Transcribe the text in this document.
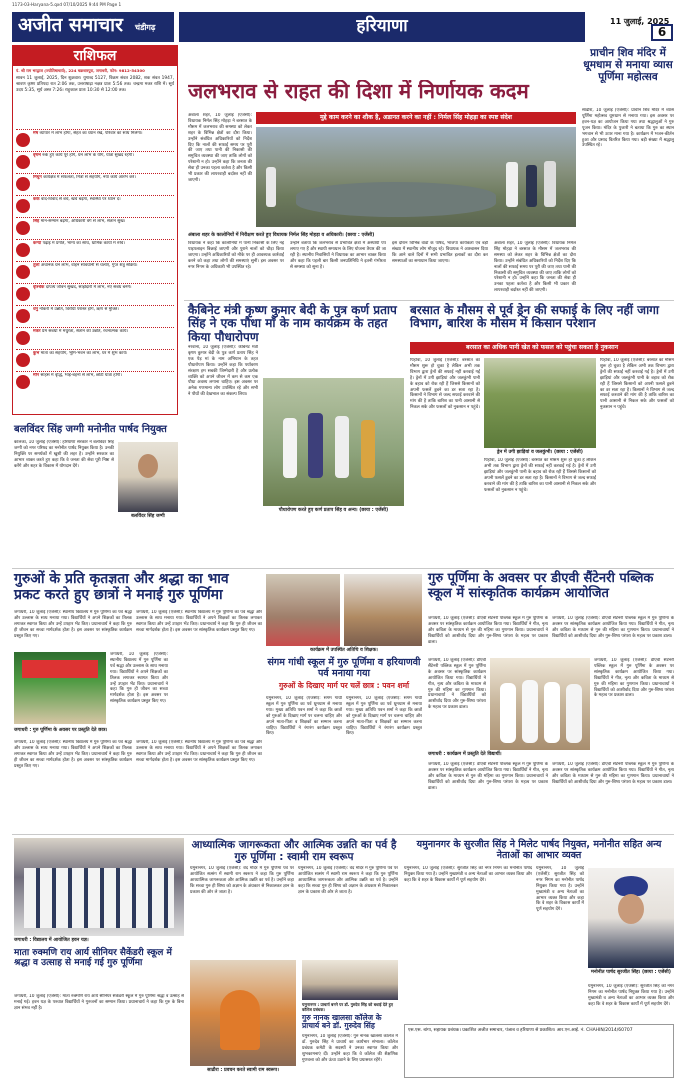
1173-03-Haryana-5.qxd 07/10/2025 9:44 PM Page 1
अजीत समाचार चंडीगढ़	हरियाणा	11 जुलाई, 2025
6
राशिफल
पं. श्री राम भरद्वाज (ज्योतिषाचार्य), 224 चक्रधारपुरा, जगाधरी, फोन: 9812-54300
सावन 11 जुलाई, 2025, दिन शुक्रवार। युगाब्द 5127, विक्रम संवत 2082, शक संवत 1947, श्रावण कृष्ण प्रतिपदा रात 2:06 तक, उत्तराषाढ़ा नक्षत्र प्रातः 5:56 तक। चन्द्रमा मकर राशि में। सूर्य उदय 5:35, सूर्य अस्त 7:26। राहुकाल प्रातः 10:30 से 12:00 तक।
मेष व्यापार में लाभ होगा, सेहत का ध्यान रखें, परिवार का साथ मिलेगा।
वृषभ रुके हुए कार्य पूरे होंगे, धन लाभ के योग, यात्रा सुखद रहेगी।
मिथुन कार्यक्षेत्र में सफलता, मित्रों से सहयोग, नया कार्य आरंभ करें।
कर्क वाद-विवाद से बचें, खर्च बढ़ेगा, स्वास्थ्य पर ध्यान दें।
सिंह मान-सम्मान बढ़ेगा, अधिकारी वर्ग से लाभ, संतान सुख।
कन्या पढ़ाई में प्रगति, भाग्य का साथ, धार्मिक कार्यों में रुचि।
तुला अचानक धन लाभ, वाहन सावधानी से चलाएं, गुप्त शत्रु सक्रिय।
वृश्चिक दांपत्य जीवन सुखद, साझेदारी में लाभ, नए संबंध बनेंगे।
धनु नौकरी में उन्नति, विरोधी परास्त होंगे, ऋण से मुक्ति।
मकर प्रेम संबंधों में मधुरता, संतान की उन्नति, रचनात्मक कार्य।
कुंभ माता का सहयोग, भूमि-भवन का लाभ, घर में शुभ कार्य।
मीन साहस में वृद्धि, भाई-बहनों से लाभ, छोटी यात्रा होगी।
जलभराव से राहत की दिशा में निर्णायक कदम
मुद्दे काम करने का शौक है, अडानत करने का नहीं : निर्मल सिंह मोहड़ा का स्पष्ट संदेश
अंबाला शहर, 10 जुलाई (एजेंसी): विधायक निर्मल सिंह मोहड़ा ने बरसात के मौसम में जलभराव की समस्या को लेकर शहर के विभिन्न क्षेत्रों का दौरा किया। उन्होंने संबंधित अधिकारियों को निर्देश दिए कि नालों की सफाई समय पर पूरी की जाए तथा पानी की निकासी की समुचित व्यवस्था की जाए ताकि लोगों को परेशानी न हो। उन्होंने कहा कि जनता की सेवा ही उनका पहला कर्तव्य है और किसी भी प्रकार की लापरवाही बर्दाश्त नहीं की जाएगी।
अंबाला शहर के कालोनियों में निरीक्षण करते हुए विधायक निर्मल सिंह मोहड़ा व अधिकारी। (छाया : एजेंसी)
विधायक ने कहा कि कॉलोनियों में पानी निकासी के लिए नई पाइपलाइन बिछाई जाएगी और पुराने नालों को चौड़ा किया जाएगा। उन्होंने अधिकारियों को मौके पर ही आवश्यक कार्रवाई करने को कहा तथा लोगों की समस्याएं सुनीं। इस अवसर पर नगर निगम के अधिकारी भी उपस्थित रहे।
उन्होंने बताया कि जलभराव से प्रभावित क्षेत्रों में अस्थायी पंप लगाए गए हैं और स्थायी समाधान के लिए योजना तैयार की जा रही है। स्थानीय निवासियों ने विधायक का आभार व्यक्त किया और कहा कि पहली बार किसी जनप्रतिनिधि ने इतनी गंभीरता से समस्या को सुना है।
इस दौरान विभिन्न वार्डों के पार्षद, भाजपा कार्यकर्ता एवं बड़ी संख्या में स्थानीय लोग मौजूद रहे। विधायक ने आश्वासन दिया कि आने वाले दिनों में सभी प्रभावित इलाकों का दौरा कर समस्याओं का समाधान किया जाएगा।
अंबाला शहर, 10 जुलाई (एजेंसी): विधायक निर्मल सिंह मोहड़ा ने बरसात के मौसम में जलभराव की समस्या को लेकर शहर के विभिन्न क्षेत्रों का दौरा किया। उन्होंने संबंधित अधिकारियों को निर्देश दिए कि नालों की सफाई समय पर पूरी की जाए तथा पानी की निकासी की समुचित व्यवस्था की जाए ताकि लोगों को परेशानी न हो। उन्होंने कहा कि जनता की सेवा ही उनका पहला कर्तव्य है और किसी भी प्रकार की लापरवाही बर्दाश्त नहीं की जाएगी।
प्राचीन शिव मंदिर में धूमधाम से मनाया व्यास पूर्णिमा महोत्सव
साढौरा, 10 जुलाई (एजेंसी): प्राचीन शिव मंदिर में व्यास पूर्णिमा महोत्सव धूमधाम से मनाया गया। इस अवसर पर हवन-यज्ञ का आयोजन किया गया तथा श्रद्धालुओं ने गुरु पूजन किया। मंदिर के पुजारी ने बताया कि गुरु का स्थान भगवान से भी ऊपर माना गया है। कार्यक्रम में भजन-कीर्तन हुआ और प्रसाद वितरित किया गया। बड़ी संख्या में श्रद्धालु उपस्थित रहे।
कैबिनेट मंत्री कृष्ण कुमार बेदी के पुत्र कर्ण प्रताप सिंह ने एक पौधा माँ के नाम कार्यक्रम के तहत किया पौधारोपण
नरवाना, 10 जुलाई (एजेंसी): कैबिनेट मंत्री कृष्ण कुमार बेदी के पुत्र कर्ण प्रताप सिंह ने एक पेड़ मां के नाम अभियान के तहत पौधारोपण किया। उन्होंने कहा कि पर्यावरण संरक्षण हम सबकी जिम्मेदारी है और प्रत्येक व्यक्ति को अपने जीवन में कम से कम एक पौधा अवश्य लगाना चाहिए। इस अवसर पर अनेक गणमान्य लोग उपस्थित रहे और सभी ने पौधों की देखभाल का संकल्प लिया।
पौधारोपण करते हुए कर्ण प्रताप सिंह व अन्य। (छाया : एजेंसी)
बरसात के मौसम से पूर्व ड्रेन की सफाई के लिए नहीं जागा विभाग, बारिश के मौसम में किसान परेशान
बरसात का अधिक पानी खेत को फसल को पहुंचा सकता है नुकसान
पिहोवा, 10 जुलाई (एजेंसी): बरसात का मौसम शुरू हो चुका है लेकिन अभी तक विभाग द्वारा ड्रेनों की सफाई नहीं करवाई गई है। ड्रेनों में उगी झाड़ियां और जलकुंभी पानी के बहाव को रोक रही हैं जिससे किसानों को अपनी फसलें डूबने का डर सता रहा है। किसानों ने विभाग से जल्द सफाई करवाने की मांग की है ताकि बारिश का पानी आसानी से निकल सके और फसलों को नुकसान न पहुंचे।
ड्रेन में उगी झाड़ियां व जलकुंभी। (छाया : एजेंसी)
पिहोवा, 10 जुलाई (एजेंसी): बरसात का मौसम शुरू हो चुका है लेकिन अभी तक विभाग द्वारा ड्रेनों की सफाई नहीं करवाई गई है। ड्रेनों में उगी झाड़ियां और जलकुंभी पानी के बहाव को रोक रही हैं जिससे किसानों को अपनी फसलें डूबने का डर सता रहा है। किसानों ने विभाग से जल्द सफाई करवाने की मांग की है ताकि बारिश का पानी आसानी से निकल सके और फसलों को नुकसान न पहुंचे।
पिहोवा, 10 जुलाई (एजेंसी): बरसात का मौसम शुरू हो चुका है लेकिन अभी तक विभाग द्वारा ड्रेनों की सफाई नहीं करवाई गई है। ड्रेनों में उगी झाड़ियां और जलकुंभी पानी के बहाव को रोक रही हैं जिससे किसानों को अपनी फसलें डूबने का डर सता रहा है। किसानों ने विभाग से जल्द सफाई करवाने की मांग की है ताकि बारिश का पानी आसानी से निकल सके और फसलों को नुकसान न पहुंचे।
बलविंदर सिंह जग्गी मनोनीत पार्षद नियुक्त
कालका, 10 जुलाई (एजेंसी): हरियाणा सरकार ने बलविंदर सिंह जग्गी को नगर परिषद का मनोनीत पार्षद नियुक्त किया है। उनकी नियुक्ति पर समर्थकों में खुशी की लहर है। उन्होंने सरकार का आभार व्यक्त करते हुए कहा कि वे जनता की सेवा पूरी निष्ठा से करेंगे और शहर के विकास में योगदान देंगे।
बलविंदर सिंह जग्गी
गुरुओं के प्रति कृतज्ञता और श्रद्धा का भाव प्रकट करते हुए छात्रों ने मनाई गुरु पूर्णिमा
जगाधरी, 10 जुलाई (एजेंसी): स्थानीय विद्यालय में गुरु पूर्णिमा का पर्व श्रद्धा और उल्लास के साथ मनाया गया। विद्यार्थियों ने अपने शिक्षकों का तिलक लगाकर स्वागत किया और उन्हें उपहार भेंट किए। प्रधानाचार्य ने कहा कि गुरु ही जीवन का सच्चा मार्गदर्शक होता है। इस अवसर पर सांस्कृतिक कार्यक्रम प्रस्तुत किए गए।
जगाधरी, 10 जुलाई (एजेंसी): स्थानीय विद्यालय में गुरु पूर्णिमा का पर्व श्रद्धा और उल्लास के साथ मनाया गया। विद्यार्थियों ने अपने शिक्षकों का तिलक लगाकर स्वागत किया और उन्हें उपहार भेंट किए। प्रधानाचार्य ने कहा कि गुरु ही जीवन का सच्चा मार्गदर्शक होता है। इस अवसर पर सांस्कृतिक कार्यक्रम प्रस्तुत किए गए।
जगाधरी, 10 जुलाई (एजेंसी): स्थानीय विद्यालय में गुरु पूर्णिमा का पर्व श्रद्धा और उल्लास के साथ मनाया गया। विद्यार्थियों ने अपने शिक्षकों का तिलक लगाकर स्वागत किया और उन्हें उपहार भेंट किए। प्रधानाचार्य ने कहा कि गुरु ही जीवन का सच्चा मार्गदर्शक होता है। इस अवसर पर सांस्कृतिक कार्यक्रम प्रस्तुत किए गए।
जगाधरी : गुरु पूर्णिमा के अवसर पर प्रस्तुति देते छात्र।
जगाधरी, 10 जुलाई (एजेंसी): स्थानीय विद्यालय में गुरु पूर्णिमा का पर्व श्रद्धा और उल्लास के साथ मनाया गया। विद्यार्थियों ने अपने शिक्षकों का तिलक लगाकर स्वागत किया और उन्हें उपहार भेंट किए। प्रधानाचार्य ने कहा कि गुरु ही जीवन का सच्चा मार्गदर्शक होता है। इस अवसर पर सांस्कृतिक कार्यक्रम प्रस्तुत किए गए।
जगाधरी, 10 जुलाई (एजेंसी): स्थानीय विद्यालय में गुरु पूर्णिमा का पर्व श्रद्धा और उल्लास के साथ मनाया गया। विद्यार्थियों ने अपने शिक्षकों का तिलक लगाकर स्वागत किया और उन्हें उपहार भेंट किए। प्रधानाचार्य ने कहा कि गुरु ही जीवन का सच्चा मार्गदर्शक होता है। इस अवसर पर सांस्कृतिक कार्यक्रम प्रस्तुत किए गए।
कार्यक्रम में उपस्थित अतिथि व शिक्षक।
संगम गांधी स्कूल में गुरु पूर्णिमा व हरियाणवी पर्व मनाया गया
गुरुओं के दिखाए मार्ग पर चलें छात्र : पवन शर्मा
यमुनानगर, 10 जुलाई (एजेंसी): संगम गांधी स्कूल में गुरु पूर्णिमा का पर्व धूमधाम से मनाया गया। मुख्य अतिथि पवन शर्मा ने कहा कि छात्रों को गुरुओं के दिखाए मार्ग पर चलना चाहिए और अपने माता-पिता व शिक्षकों का सम्मान करना चाहिए। विद्यार्थियों ने रंगारंग कार्यक्रम प्रस्तुत किए।
यमुनानगर, 10 जुलाई (एजेंसी): संगम गांधी स्कूल में गुरु पूर्णिमा का पर्व धूमधाम से मनाया गया। मुख्य अतिथि पवन शर्मा ने कहा कि छात्रों को गुरुओं के दिखाए मार्ग पर चलना चाहिए और अपने माता-पिता व शिक्षकों का सम्मान करना चाहिए। विद्यार्थियों ने रंगारंग कार्यक्रम प्रस्तुत किए।
गुरु पूर्णिमा के अवसर पर डीएवी सैंटेनरी पब्लिक स्कूल में सांस्कृतिक कार्यक्रम आयोजित
जगाधरी, 10 जुलाई (एजेंसी): डीएवी सैंटेनरी पब्लिक स्कूल में गुरु पूर्णिमा के अवसर पर सांस्कृतिक कार्यक्रम आयोजित किया गया। विद्यार्थियों ने गीत, नृत्य और कविता के माध्यम से गुरु की महिमा का गुणगान किया। प्रधानाचार्या ने विद्यार्थियों को आशीर्वाद दिया और गुरु-शिष्य परंपरा के महत्व पर प्रकाश डाला।
जगाधरी, 10 जुलाई (एजेंसी): डीएवी सैंटेनरी पब्लिक स्कूल में गुरु पूर्णिमा के अवसर पर सांस्कृतिक कार्यक्रम आयोजित किया गया। विद्यार्थियों ने गीत, नृत्य और कविता के माध्यम से गुरु की महिमा का गुणगान किया। प्रधानाचार्या ने विद्यार्थियों को आशीर्वाद दिया और गुरु-शिष्य परंपरा के महत्व पर प्रकाश डाला।
जगाधरी, 10 जुलाई (एजेंसी): डीएवी सैंटेनरी पब्लिक स्कूल में गुरु पूर्णिमा के अवसर पर सांस्कृतिक कार्यक्रम आयोजित किया गया। विद्यार्थियों ने गीत, नृत्य और कविता के माध्यम से गुरु की महिमा का गुणगान किया। प्रधानाचार्या ने विद्यार्थियों को आशीर्वाद दिया और गुरु-शिष्य परंपरा के महत्व पर प्रकाश डाला।
जगाधरी, 10 जुलाई (एजेंसी): डीएवी सैंटेनरी पब्लिक स्कूल में गुरु पूर्णिमा के अवसर पर सांस्कृतिक कार्यक्रम आयोजित किया गया। विद्यार्थियों ने गीत, नृत्य और कविता के माध्यम से गुरु की महिमा का गुणगान किया। प्रधानाचार्या ने विद्यार्थियों को आशीर्वाद दिया और गुरु-शिष्य परंपरा के महत्व पर प्रकाश डाला।
जगाधरी : कार्यक्रम में प्रस्तुति देते विद्यार्थी।
जगाधरी, 10 जुलाई (एजेंसी): डीएवी सैंटेनरी पब्लिक स्कूल में गुरु पूर्णिमा के अवसर पर सांस्कृतिक कार्यक्रम आयोजित किया गया। विद्यार्थियों ने गीत, नृत्य और कविता के माध्यम से गुरु की महिमा का गुणगान किया। प्रधानाचार्या ने विद्यार्थियों को आशीर्वाद दिया और गुरु-शिष्य परंपरा के महत्व पर प्रकाश डाला।
जगाधरी, 10 जुलाई (एजेंसी): डीएवी सैंटेनरी पब्लिक स्कूल में गुरु पूर्णिमा के अवसर पर सांस्कृतिक कार्यक्रम आयोजित किया गया। विद्यार्थियों ने गीत, नृत्य और कविता के माध्यम से गुरु की महिमा का गुणगान किया। प्रधानाचार्या ने विद्यार्थियों को आशीर्वाद दिया और गुरु-शिष्य परंपरा के महत्व पर प्रकाश डाला।
जगाधरी : विद्यालय में आयोजित हवन यज्ञ।
माता रुक्मणि राय आर्य सीनियर सैकेंडरी स्कूल में श्रद्धा व उत्साह से मनाई गई गुरु पूर्णिमा
जगाधरी, 10 जुलाई (एजेंसी): माता रुक्मणि राय आर्य सीनियर सैकेंडरी स्कूल में गुरु पूर्णिमा श्रद्धा व उत्साह से मनाई गई। हवन यज्ञ के पश्चात विद्यार्थियों ने गुरुजनों का सम्मान किया। प्रधानाचार्य ने कहा कि गुरु के बिना ज्ञान संभव नहीं है।
आध्यात्मिक जागरूकता और आत्मिक उन्नति का पर्व है गुरु पूर्णिमा : स्वामी राम स्वरूप
यमुनानगर, 10 जुलाई (एजेंसी): वेद मंदिर में गुरु पूर्णिमा पर्व पर आयोजित सत्संग में स्वामी राम स्वरूप ने कहा कि गुरु पूर्णिमा आध्यात्मिक जागरूकता और आत्मिक उन्नति का पर्व है। उन्होंने कहा कि सच्चा गुरु ही शिष्य को अज्ञान के अंधकार से निकालकर ज्ञान के प्रकाश की ओर ले जाता है।
यमुनानगर, 10 जुलाई (एजेंसी): वेद मंदिर में गुरु पूर्णिमा पर्व पर आयोजित सत्संग में स्वामी राम स्वरूप ने कहा कि गुरु पूर्णिमा आध्यात्मिक जागरूकता और आत्मिक उन्नति का पर्व है। उन्होंने कहा कि सच्चा गुरु ही शिष्य को अज्ञान के अंधकार से निकालकर ज्ञान के प्रकाश की ओर ले जाता है।
साढौरा : प्रवचन करते स्वामी राम स्वरूप।
यमुनानगर : प्राचार्य बनने पर डॉ. गुरुदेव सिंह को बधाई देते हुए कॉलेज प्रबंधक।
गुरु नानक खालसा कॉलेज के प्राचार्य बने डॉ. गुरुदेव सिंह
यमुनानगर, 10 जुलाई (एजेंसी): गुरु नानक खालसा कॉलेज में डॉ. गुरुदेव सिंह ने प्राचार्य का कार्यभार संभाला। कॉलेज प्रबंधक कमेटी के सदस्यों ने उनका स्वागत किया और शुभकामनाएं दीं। उन्होंने कहा कि वे कॉलेज की शैक्षणिक गुणवत्ता को और ऊंचा उठाने के लिए प्रयासरत रहेंगे।
यमुनानगर के सुरजीत सिंह ने मिलेट पार्षद नियुक्त, मनोनीत सहित अन्य नेताओं का आभार व्यक्त
यमुनानगर, 10 जुलाई (एजेंसी): सुरजीत सिंह को नगर निगम का मनोनीत पार्षद नियुक्त किया गया है। उन्होंने मुख्यमंत्री व अन्य नेताओं का आभार व्यक्त किया और कहा कि वे शहर के विकास कार्यों में पूर्ण सहयोग देंगे।
यमुनानगर, 10 जुलाई (एजेंसी): सुरजीत सिंह को नगर निगम का मनोनीत पार्षद नियुक्त किया गया है। उन्होंने मुख्यमंत्री व अन्य नेताओं का आभार व्यक्त किया और कहा कि वे शहर के विकास कार्यों में पूर्ण सहयोग देंगे।
मनोनीत पार्षद सुरजीत सिंह। (छाया : एजेंसी)
यमुनानगर, 10 जुलाई (एजेंसी): सुरजीत सिंह को नगर निगम का मनोनीत पार्षद नियुक्त किया गया है। उन्होंने मुख्यमंत्री व अन्य नेताओं का आभार व्यक्त किया और कहा कि वे शहर के विकास कार्यों में पूर्ण सहयोग देंगे।
एस.एस. बांगा, सहायक प्रबंधक। प्रकाशित अजीत समाचार, पंजाब व हरियाणा से प्रकाशित। आर.एन.आई. नं. CHAHIN/2014/60707
